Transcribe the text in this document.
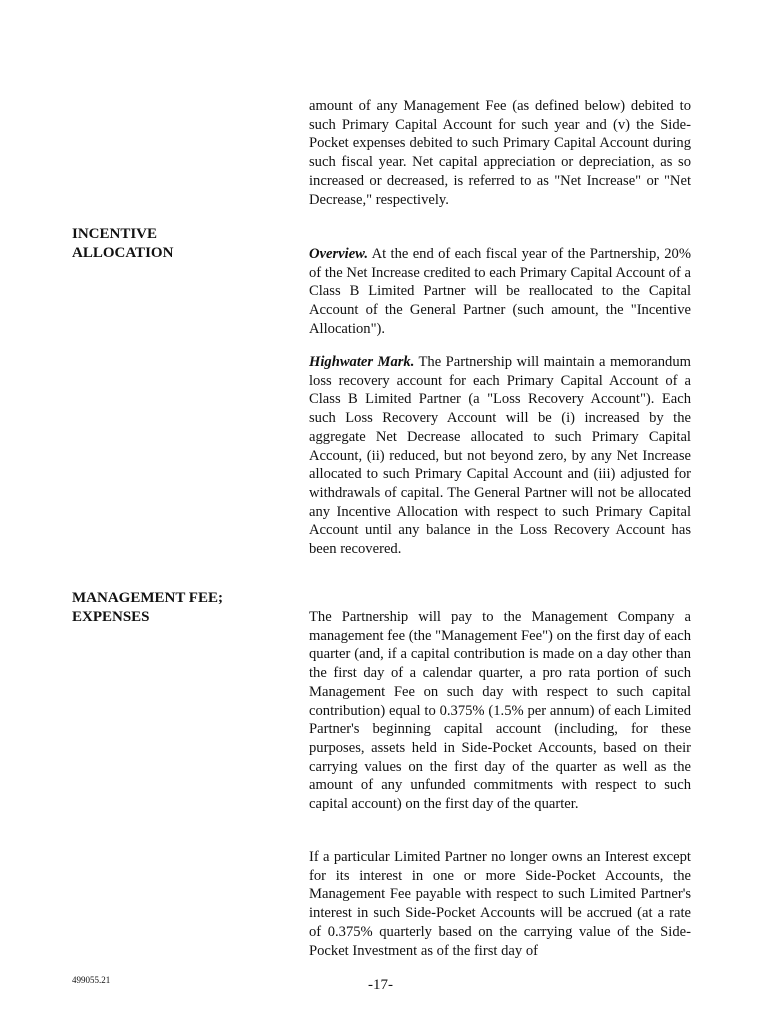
amount of any Management Fee (as defined below) debited to such Primary Capital Account for such year and (v) the Side-Pocket expenses debited to such Primary Capital Account during such fiscal year. Net capital appreciation or depreciation, as so increased or decreased, is referred to as "Net Increase" or "Net Decrease," respectively.

INCENTIVE
ALLOCATION	Overview. At the end of each fiscal year of the Partnership, 20% of the Net Increase credited to each Primary Capital Account of a Class B Limited Partner will be reallocated to the Capital Account of the General Partner (such amount, the "Incentive Allocation").

Highwater Mark. The Partnership will maintain a memorandum loss recovery account for each Primary Capital Account of a Class B Limited Partner (a "Loss Recovery Account"). Each such Loss Recovery Account will be (i) increased by the aggregate Net Decrease allocated to such Primary Capital Account, (ii) reduced, but not beyond zero, by any Net Increase allocated to such Primary Capital Account and (iii) adjusted for withdrawals of capital. The General Partner will not be allocated any Incentive Allocation with respect to such Primary Capital Account until any balance in the Loss Recovery Account has been recovered.

MANAGEMENT FEE;
EXPENSES	The Partnership will pay to the Management Company a management fee (the "Management Fee") on the first day of each quarter (and, if a capital contribution is made on a day other than the first day of a calendar quarter, a pro rata portion of such Management Fee on such day with respect to such capital contribution) equal to 0.375% (1.5% per annum) of each Limited Partner's beginning capital account (including, for these purposes, assets held in Side-Pocket Accounts, based on their carrying values on the first day of the quarter as well as the amount of any unfunded commitments with respect to such capital account) on the first day of the quarter.

If a particular Limited Partner no longer owns an Interest except for its interest in one or more Side-Pocket Accounts, the Management Fee payable with respect to such Limited Partner's interest in such Side-Pocket Accounts will be accrued (at a rate of 0.375% quarterly based on the carrying value of the Side-Pocket Investment as of the first day of

499055.21	-17-
